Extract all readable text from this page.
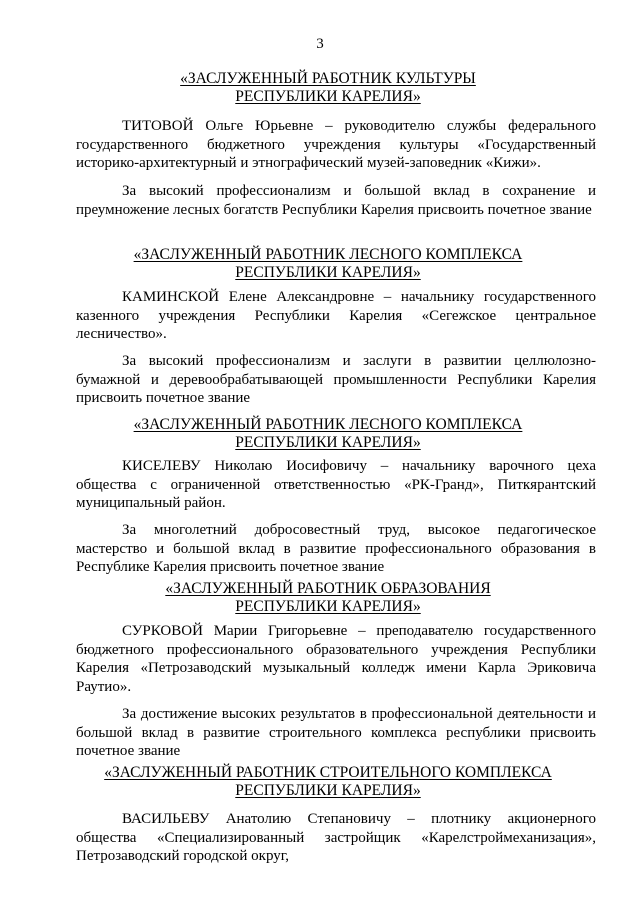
3
«ЗАСЛУЖЕННЫЙ РАБОТНИК КУЛЬТУРЫ
РЕСПУБЛИКИ КАРЕЛИЯ»

ТИТОВОЙ Ольге Юрьевне – руководителю службы федерального государственного бюджетного учреждения культуры «Государственный историко-архитектурный и этнографический музей-заповедник «Кижи».

За высокий профессионализм и большой вклад в сохранение и преумножение лесных богатств Республики Карелия присвоить почетное звание

«ЗАСЛУЖЕННЫЙ РАБОТНИК ЛЕСНОГО КОМПЛЕКСА
РЕСПУБЛИКИ КАРЕЛИЯ»

КАМИНСКОЙ Елене Александровне – начальнику государственного казенного учреждения Республики Карелия «Сегежское центральное лесничество».

За высокий профессионализм и заслуги в развитии целлюлозно-бумажной и деревообрабатывающей промышленности Республики Карелия присвоить почетное звание

«ЗАСЛУЖЕННЫЙ РАБОТНИК ЛЕСНОГО КОМПЛЕКСА
РЕСПУБЛИКИ КАРЕЛИЯ»

КИСЕЛЕВУ Николаю Иосифовичу – начальнику варочного цеха общества с ограниченной ответственностью «РК-Гранд», Питкярантский муниципальный район.

За многолетний добросовестный труд, высокое педагогическое мастерство и большой вклад в развитие профессионального образования в Республике Карелия присвоить почетное звание

«ЗАСЛУЖЕННЫЙ РАБОТНИК ОБРАЗОВАНИЯ
РЕСПУБЛИКИ КАРЕЛИЯ»

СУРКОВОЙ Марии Григорьевне – преподавателю государственного бюджетного профессионального образовательного учреждения Республики Карелия «Петрозаводский музыкальный колледж имени Карла Эриковича Раутио».

За достижение высоких результатов в профессиональной деятельности и большой вклад в развитие строительного комплекса республики присвоить почетное звание

«ЗАСЛУЖЕННЫЙ РАБОТНИК СТРОИТЕЛЬНОГО КОМПЛЕКСА
РЕСПУБЛИКИ КАРЕЛИЯ»

ВАСИЛЬЕВУ Анатолию Степановичу – плотнику акционерного общества «Специализированный застройщик «Карелстроймеханизация», Петрозаводский городской округ,
